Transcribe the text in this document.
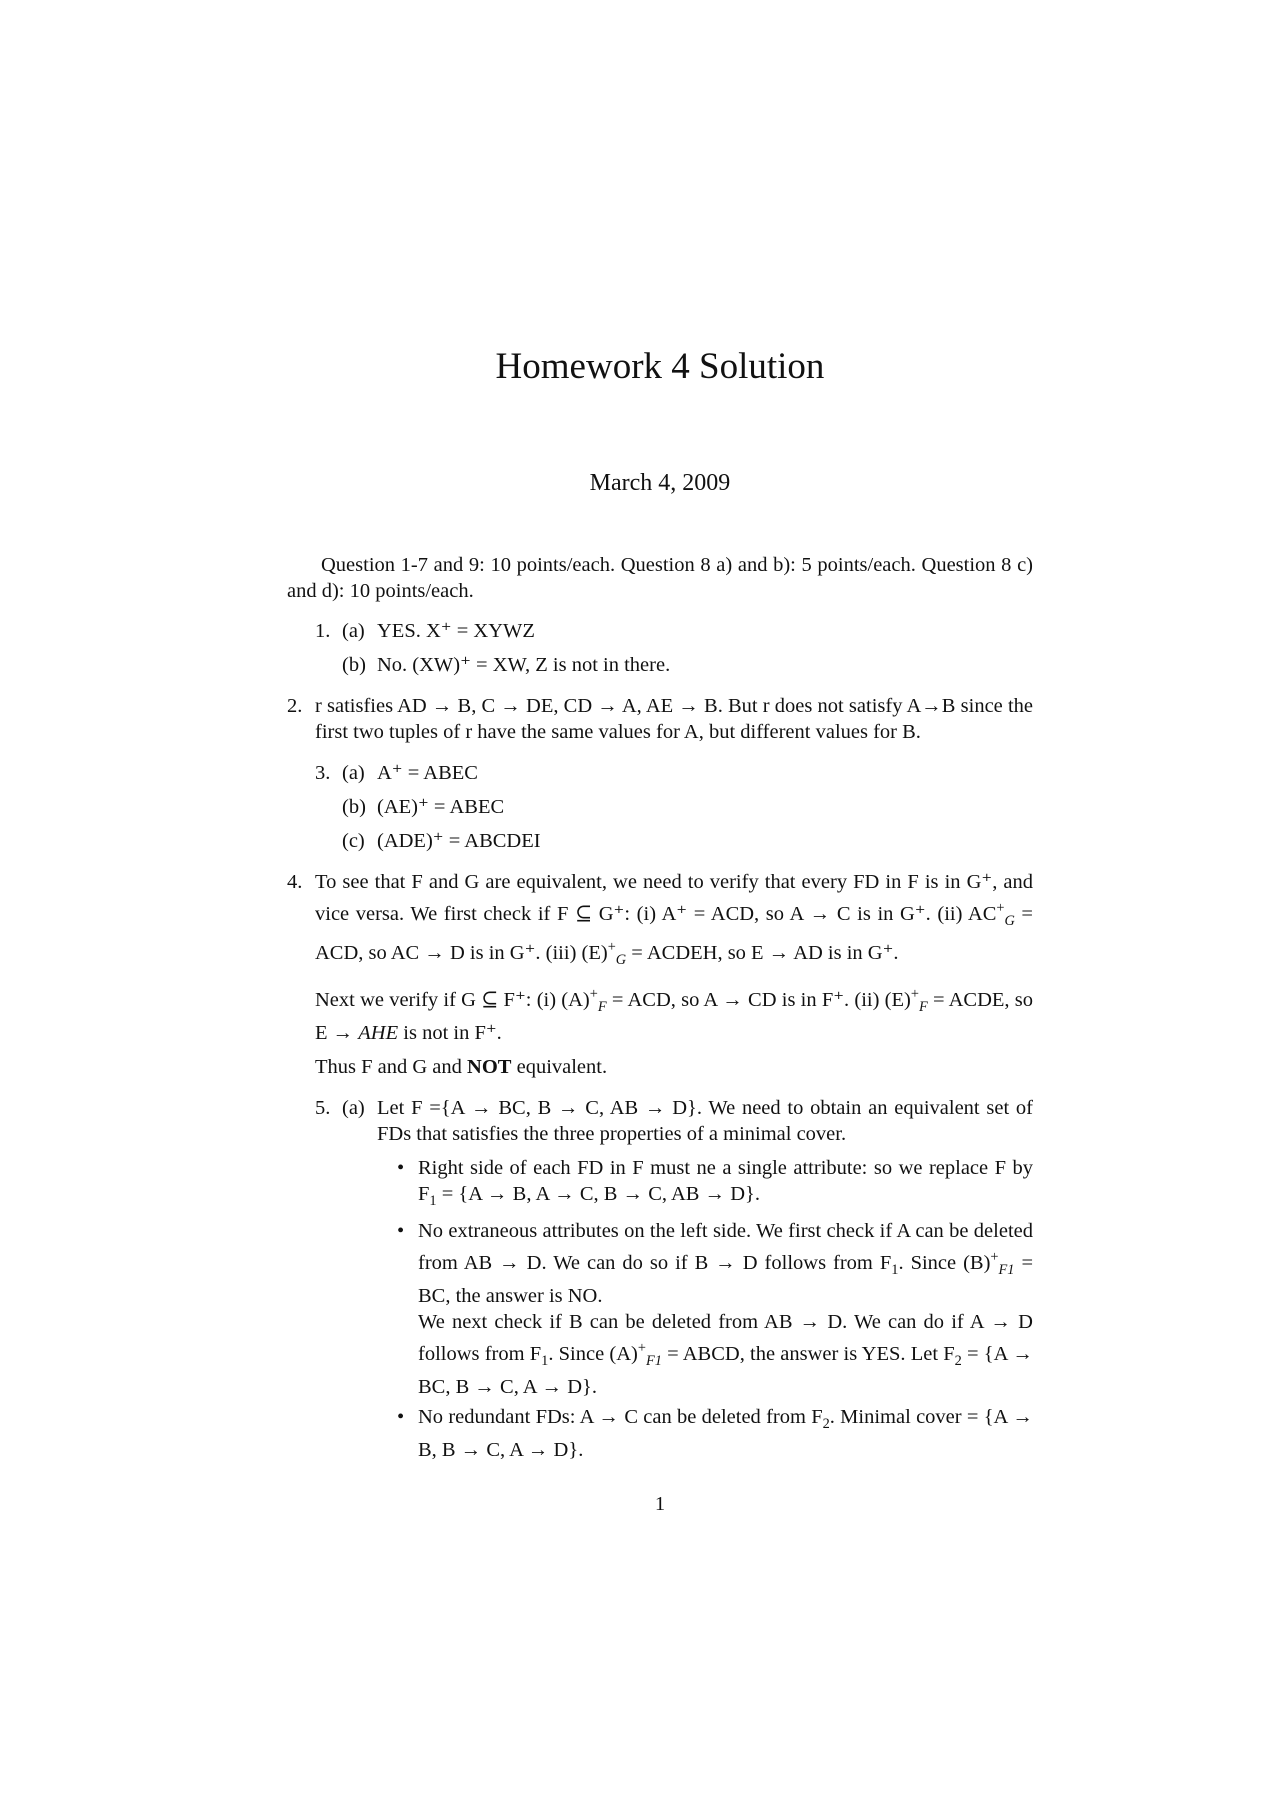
Homework 4 Solution
March 4, 2009
Question 1-7 and 9: 10 points/each. Question 8 a) and b): 5 points/each. Question 8 c) and d): 10 points/each.
1. (a) YES. X⁺ = XYWZ
(b) No. (XW)⁺ = XW, Z is not in there.
2. r satisfies AD → B, C → DE, CD → A, AE → B. But r does not satisfy A→B since the first two tuples of r have the same values for A, but different values for B.
3. (a) A⁺ = ABEC
(b) (AE)⁺ = ABEC
(c) (ADE)⁺ = ABCDEI
4. To see that F and G are equivalent, we need to verify that every FD in F is in G⁺, and vice versa. We first check if F ⊆ G⁺: (i) A⁺ = ACD, so A → C is in G⁺. (ii) $AC^+_G$ = ACD, so AC → D is in G⁺. (iii) $(E)^+_G$ = ACDEH, so E → AD is in G⁺.
Next we verify if G ⊆ F⁺: (i) $(A)^+_F$ = ACD, so A → CD is in F⁺. (ii) $(E)^+_F$ = ACDE, so E → AHE is not in F⁺.
Thus F and G and NOT equivalent.
5. (a) Let F ={A → BC, B → C, AB → D}. We need to obtain an equivalent set of FDs that satisfies the three properties of a minimal cover.
• Right side of each FD in F must ne a single attribute: so we replace F by $F_1 = \{A \to B$, A → C, B → C, AB → D}.
• No extraneous attributes on the left side. We first check if A can be deleted from AB → D. We can do so if B → D follows from $F_1$. Since $(B)^+_{F1}$ = BC, the answer is NO.
We next check if B can be deleted from AB → D. We can do if A → D follows from $F_1$. Since $(A)^+_{F1}$ = ABCD, the answer is YES. Let $F_2 = \{A$ → BC, B → C, A → D}.
• No redundant FDs: A → C can be deleted from $F_2$. Minimal cover = {A → B, B → C, A → D}.
1
